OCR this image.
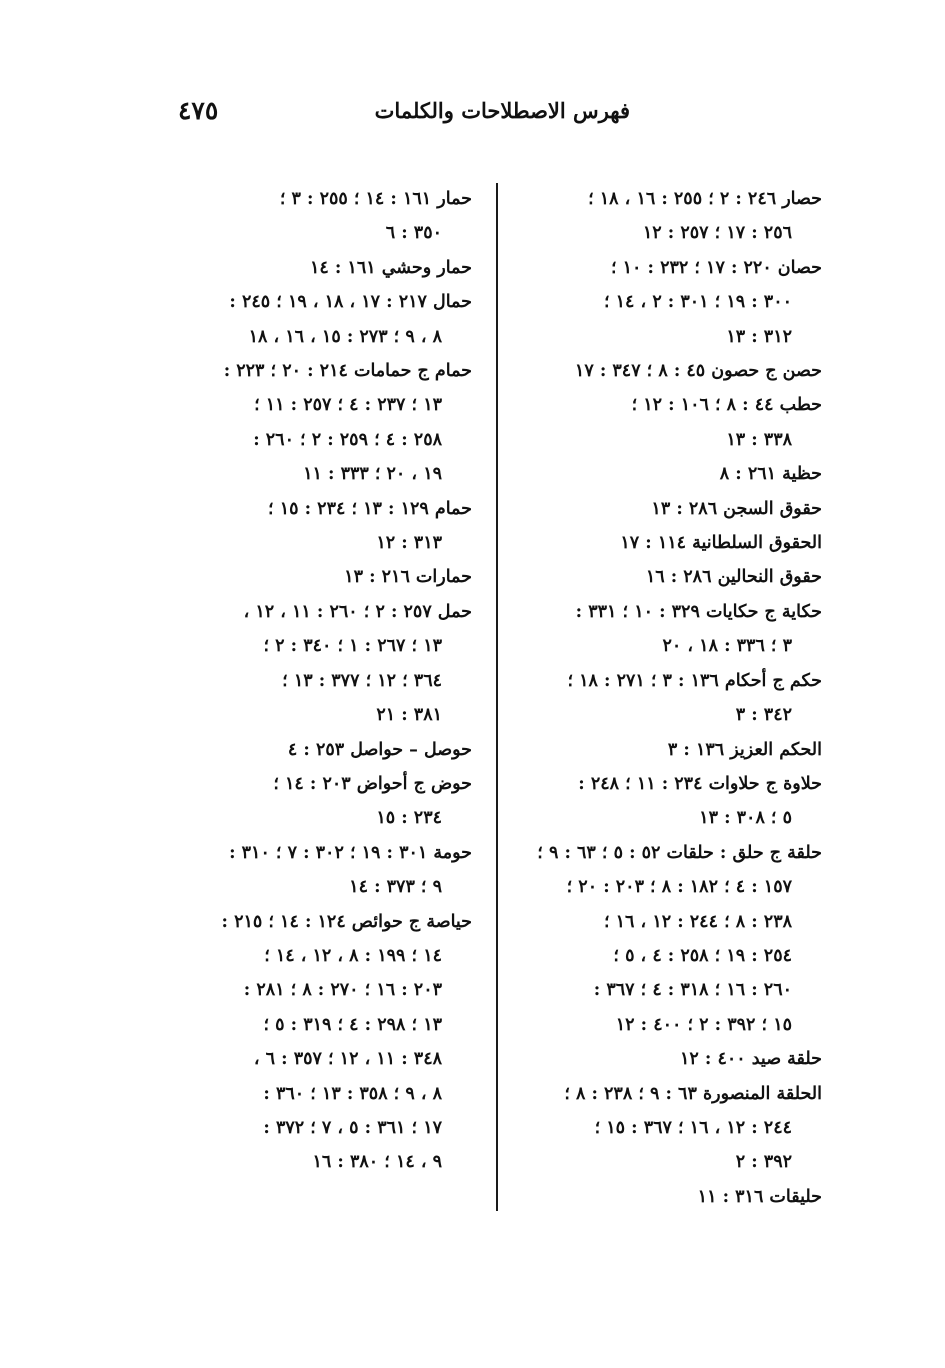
٤٧٥	فهرس الاصطلاحات والكلمات
حصار ٢٤٦ : ٢ ؛ ٢٥٥ : ١٦ ، ١٨ ؛
٢٥٦ : ١٧ ؛ ٢٥٧ : ١٢
حصان ٢٢٠ : ١٧ ؛ ٢٣٢ : ١٠ ؛
٣٠٠ : ١٩ ؛ ٣٠١ : ٢ ، ١٤ ؛
٣١٢ : ١٣
حصن ج حصون ٤٥ : ٨ ؛ ٣٤٧ : ١٧
حطب ٤٤ : ٨ ؛ ١٠٦ : ١٢ ؛
٣٣٨ : ١٣
حظية ٢٦١ : ٨
حقوق السجن ٢٨٦ : ١٣
الحقوق السلطانية ١١٤ : ١٧
حقوق النحالين ٢٨٦ : ١٦
حكاية ج حكايات ٣٢٩ : ١٠ ؛ ٣٣١ :
٣ ؛ ٣٣٦ : ١٨ ، ٢٠
حكم ج أحكام ١٣٦ : ٣ ؛ ٢٧١ : ١٨ ؛
٣٤٢ : ٣
الحكم العزيز ١٣٦ : ٣
حلاوة ج حلاوات ٢٣٤ : ١١ ؛ ٢٤٨ :
٥ ؛ ٣٠٨ : ١٣
حلقة ج حلق : حلقات ٥٢ : ٥ ؛ ٦٣ : ٩ ؛
١٥٧ : ٤ ؛ ١٨٢ : ٨ ؛ ٢٠٣ : ٢٠ ؛
٢٣٨ : ٨ ؛ ٢٤٤ : ١٢ ، ١٦ ؛
٢٥٤ : ١٩ ؛ ٢٥٨ : ٤ ، ٥ ؛
٢٦٠ : ١٦ ؛ ٣١٨ : ٤ ؛ ٣٦٧ :
١٥ ؛ ٣٩٢ : ٢ ؛ ٤٠٠ : ١٢
حلقة صيد ٤٠٠ : ١٢
الحلقة المنصورة ٦٣ : ٩ ؛ ٢٣٨ : ٨ ؛
٢٤٤ : ١٢ ، ١٦ ؛ ٣٦٧ : ١٥ ؛
٣٩٢ : ٢
حليقات ٣١٦ : ١١
حمار ١٦١ : ١٤ ؛ ٢٥٥ : ٣ ؛
٣٥٠ : ٦
حمار وحشي ١٦١ : ١٤
حمال ٢١٧ : ١٧ ، ١٨ ، ١٩ ؛ ٢٤٥ :
٨ ، ٩ ؛ ٢٧٣ : ١٥ ، ١٦ ، ١٨
حمام ج حمامات ٢١٤ : ٢٠ ؛ ٢٢٣ :
١٣ ؛ ٢٣٧ : ٤ ؛ ٢٥٧ : ١١ ؛
٢٥٨ : ٤ ؛ ٢٥٩ : ٢ ؛ ٢٦٠ :
١٩ ، ٢٠ ؛ ٣٣٣ : ١١
حمام ١٢٩ : ١٣ ؛ ٢٣٤ : ١٥ ؛
٣١٣ : ١٢
حمارات ٢١٦ : ١٣
حمل ٢٥٧ : ٢ ؛ ٢٦٠ : ١١ ، ١٢ ،
١٣ ؛ ٢٦٧ : ١ ؛ ٣٤٠ : ٢ ؛
٣٦٤ ؛ ١٢ ؛ ٣٧٧ : ١٣ ؛
٣٨١ : ٢١
حوصل – حواصل ٢٥٣ : ٤
حوض ج أحواض ٢٠٣ : ١٤ ؛
٢٣٤ : ١٥
حومة ٣٠١ : ١٩ ؛ ٣٠٢ : ٧ ؛ ٣١٠ :
٩ ؛ ٣٧٣ : ١٤
حياصة ج حوائص ١٢٤ : ١٤ ؛ ٢١٥ :
١٤ ؛ ١٩٩ : ٨ ، ١٢ ، ١٤ ؛
٢٠٣ : ١٦ ؛ ٢٧٠ : ٨ ؛ ٢٨١ :
١٣ ؛ ٢٩٨ : ٤ ؛ ٣١٩ : ٥ ؛
٣٤٨ : ١١ ، ١٢ ؛ ٣٥٧ : ٦ ،
٨ ، ٩ ؛ ٣٥٨ : ١٣ ؛ ٣٦٠ :
١٧ ؛ ٣٦١ : ٥ ، ٧ ؛ ٣٧٢ :
٩ ، ١٤ ؛ ٣٨٠ : ١٦
